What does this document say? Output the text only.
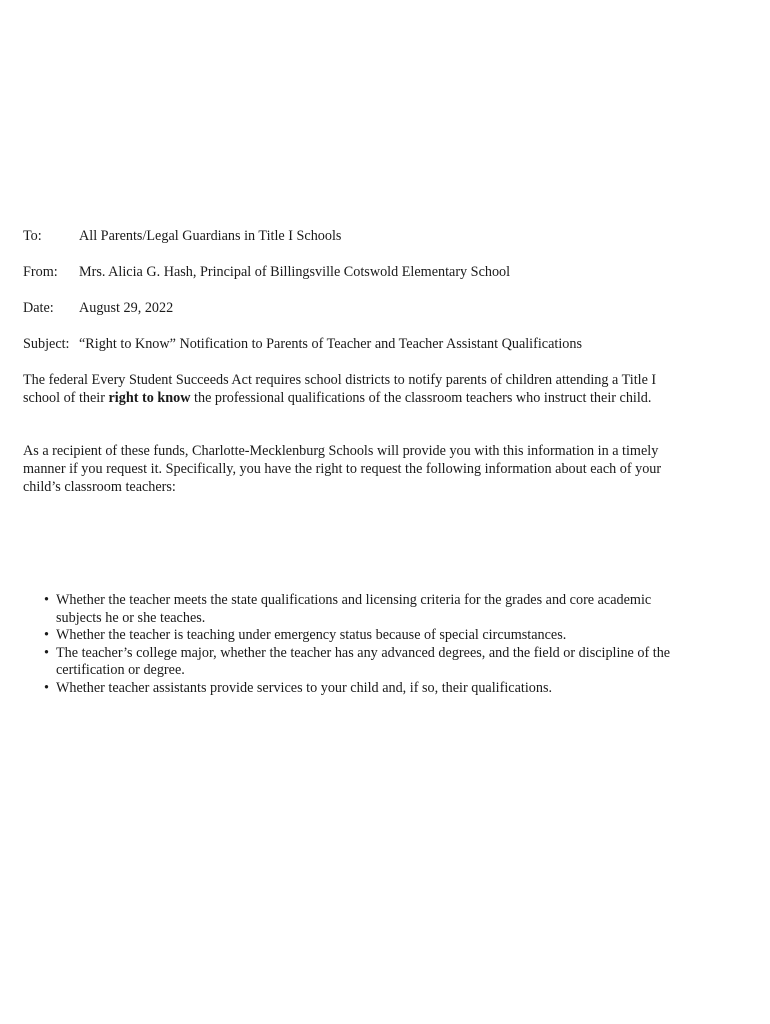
To:	All Parents/Legal Guardians in Title I Schools
From: Mrs. Alicia G. Hash, Principal of Billingsville Cotswold Elementary School
Date: August 29, 2022
Subject: “Right to Know” Notification to Parents of Teacher and Teacher Assistant Qualifications

The federal Every Student Succeeds Act requires school districts to notify parents of children attending a Title I school of their right to know the professional qualifications of the classroom teachers who instruct their child.

As a recipient of these funds, Charlotte-Mecklenburg Schools will provide you with this information in a timely manner if you request it. Specifically, you have the right to request the following information about each of your child’s classroom teachers:

• Whether the teacher meets the state qualifications and licensing criteria for the grades and core academic subjects he or she teaches.
• Whether the teacher is teaching under emergency status because of special circumstances.
• The teacher’s college major, whether the teacher has any advanced degrees, and the field or discipline of the certification or degree.
• Whether teacher assistants provide services to your child and, if so, their qualifications.
